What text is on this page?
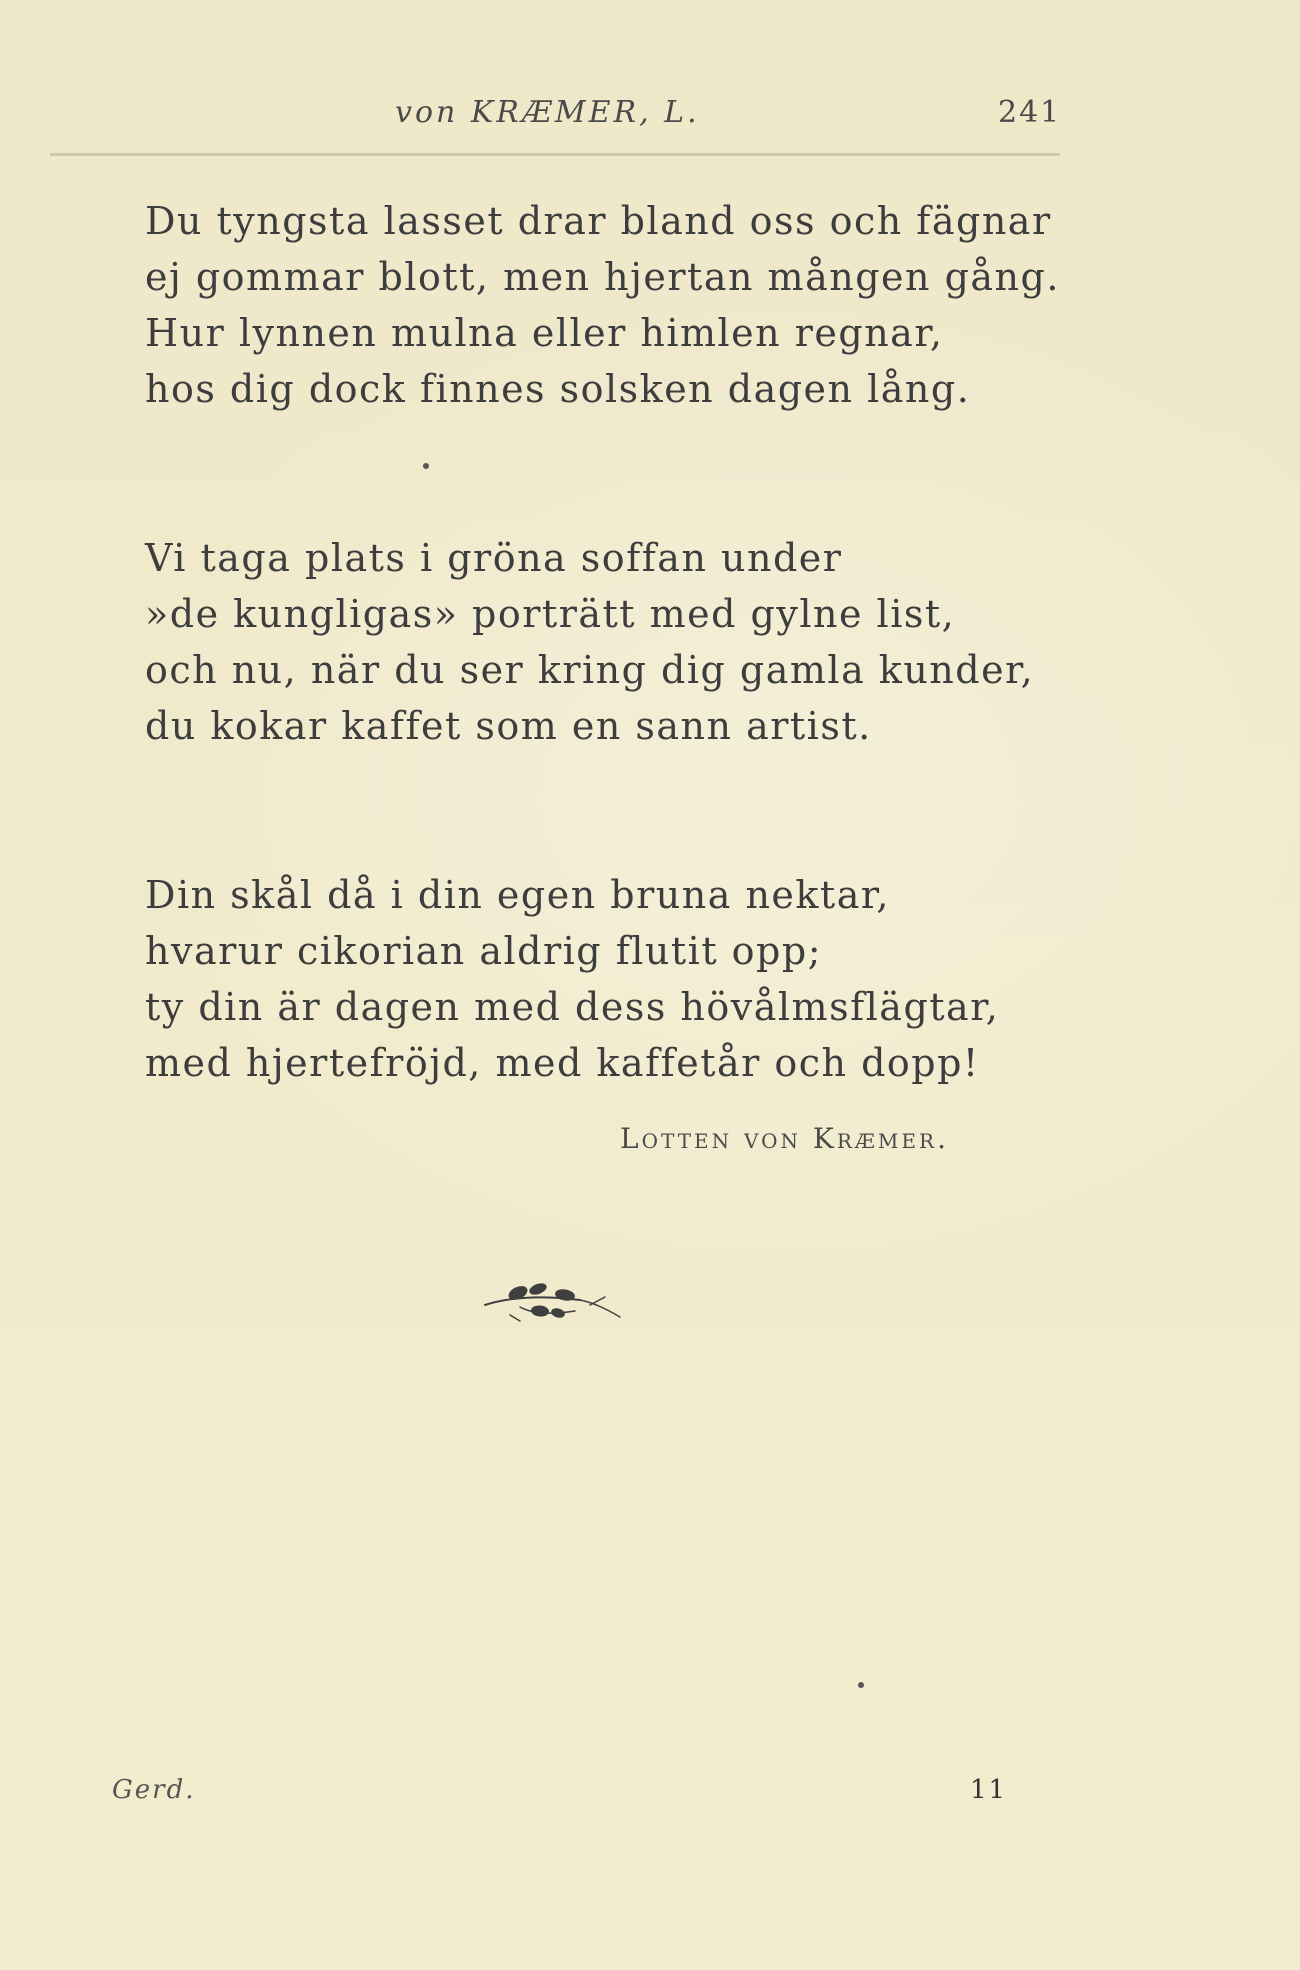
von KRÆMER, L.	241
Du tyngsta lasset drar bland oss och fägnar
ej gommar blott, men hjertan mången gång.
Hur lynnen mulna eller himlen regnar,
hos dig dock finnes solsken dagen lång.
Vi taga plats i gröna soffan under
»de kungligas» porträtt med gylne list,
och nu, när du ser kring dig gamla kunder,
du kokar kaffet som en sann artist.
Din skål då i din egen bruna nektar,
hvarur cikorian aldrig flutit opp;
ty din är dagen med dess hövålmsflägtar,
med hjertefröjd, med kaffetår och dopp!
Lotten von Kræmer.
Gerd.	11
